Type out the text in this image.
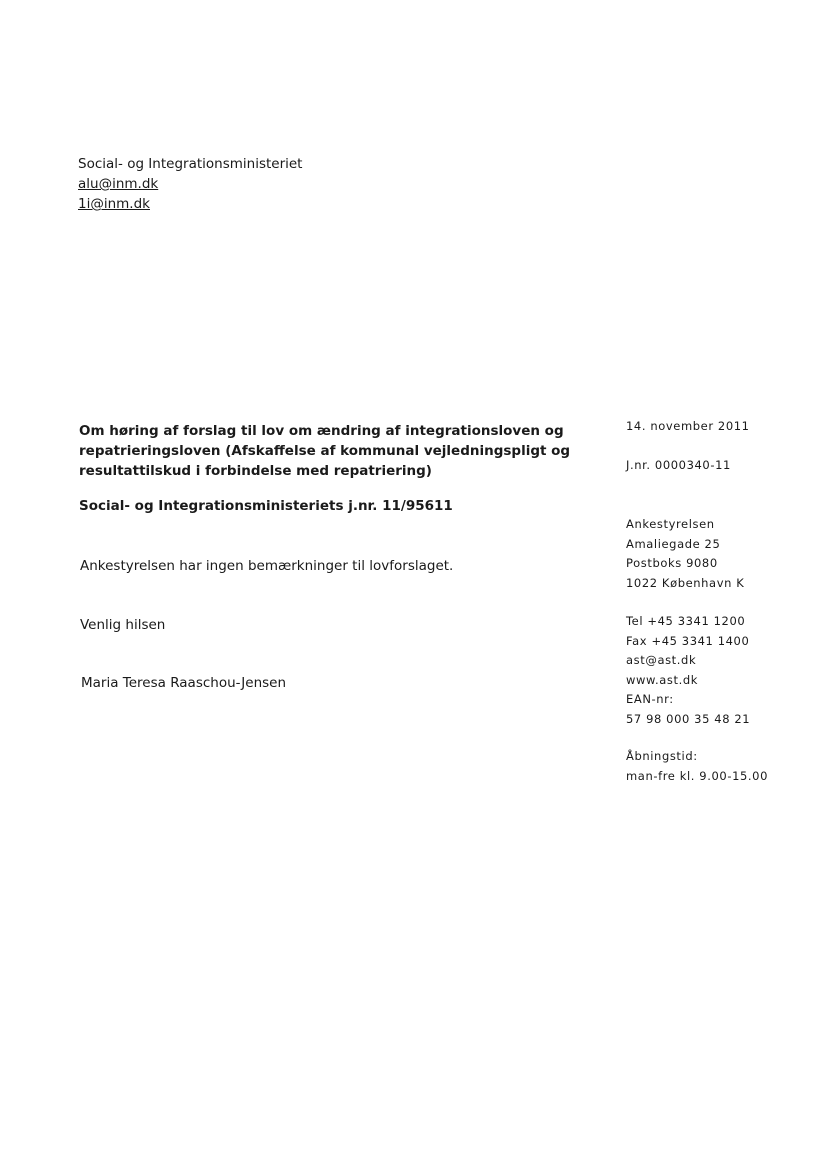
Social- og Integrationsministeriet
alu@inm.dk
1i@inm.dk
Om høring af forslag til lov om ændring af integrationsloven og repatrieringsloven (Afskaffelse af kommunal vejledningspligt og resultattilskud i forbindelse med repatriering)
Social- og Integrationsministeriets j.nr. 11/95611
Ankestyrelsen har ingen bemærkninger til lovforslaget.
Venlig hilsen
Maria Teresa Raaschou-Jensen
14. november 2011
J.nr. 0000340-11
Ankestyrelsen
Amaliegade 25
Postboks 9080
1022 København K
Tel +45 3341 1200
Fax +45 3341 1400
ast@ast.dk
www.ast.dk
EAN-nr:
57 98 000 35 48 21
Åbningstid:
man-fre kl. 9.00-15.00
